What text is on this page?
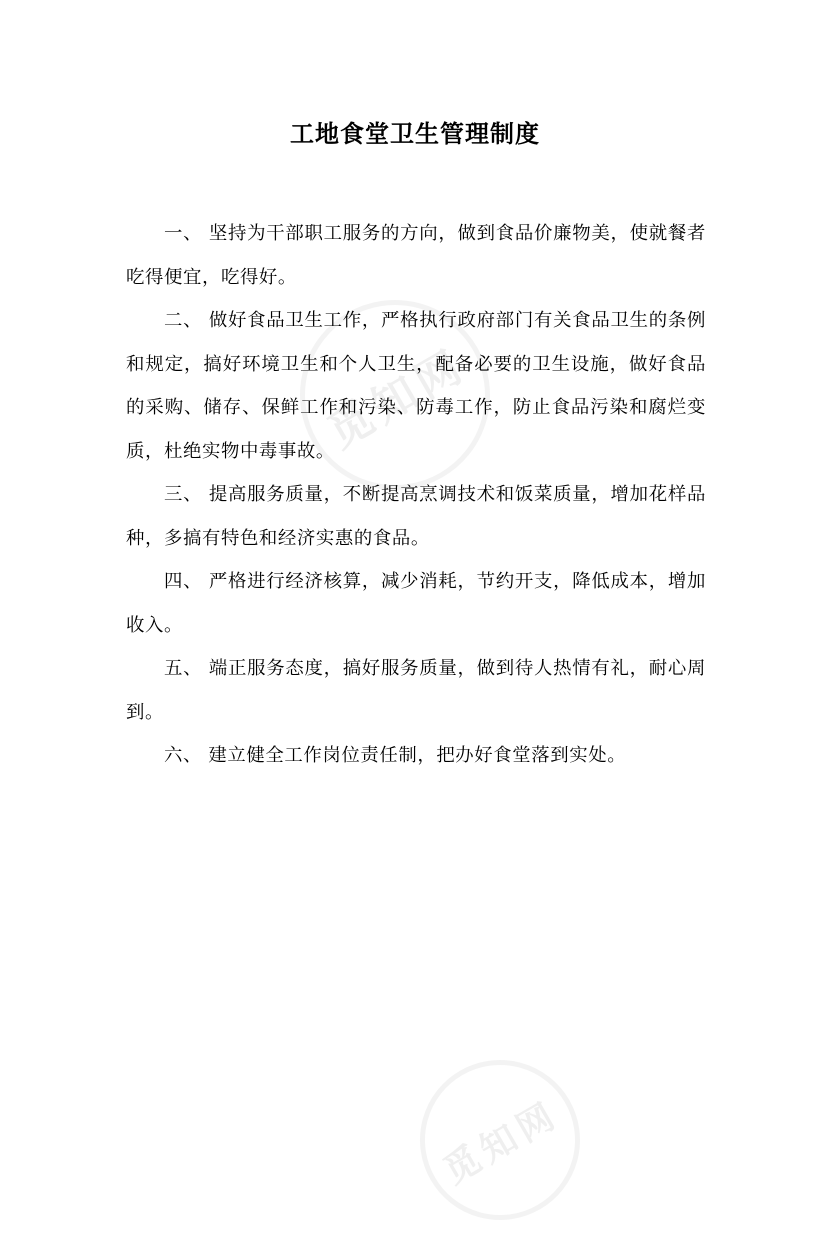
觅知网
觅知网
工地食堂卫生管理制度

一、 坚持为干部职工服务的方向，做到食品价廉物美，使就餐者吃得便宜，吃得好。

二、 做好食品卫生工作，严格执行政府部门有关食品卫生的条例和规定，搞好环境卫生和个人卫生，配备必要的卫生设施，做好食品的采购、储存、保鲜工作和污染、防毒工作，防止食品污染和腐烂变质，杜绝实物中毒事故。

三、 提高服务质量，不断提高烹调技术和饭菜质量，增加花样品种，多搞有特色和经济实惠的食品。

四、 严格进行经济核算，减少消耗，节约开支，降低成本，增加收入。

五、 端正服务态度，搞好服务质量，做到待人热情有礼，耐心周到。

六、 建立健全工作岗位责任制，把办好食堂落到实处。
